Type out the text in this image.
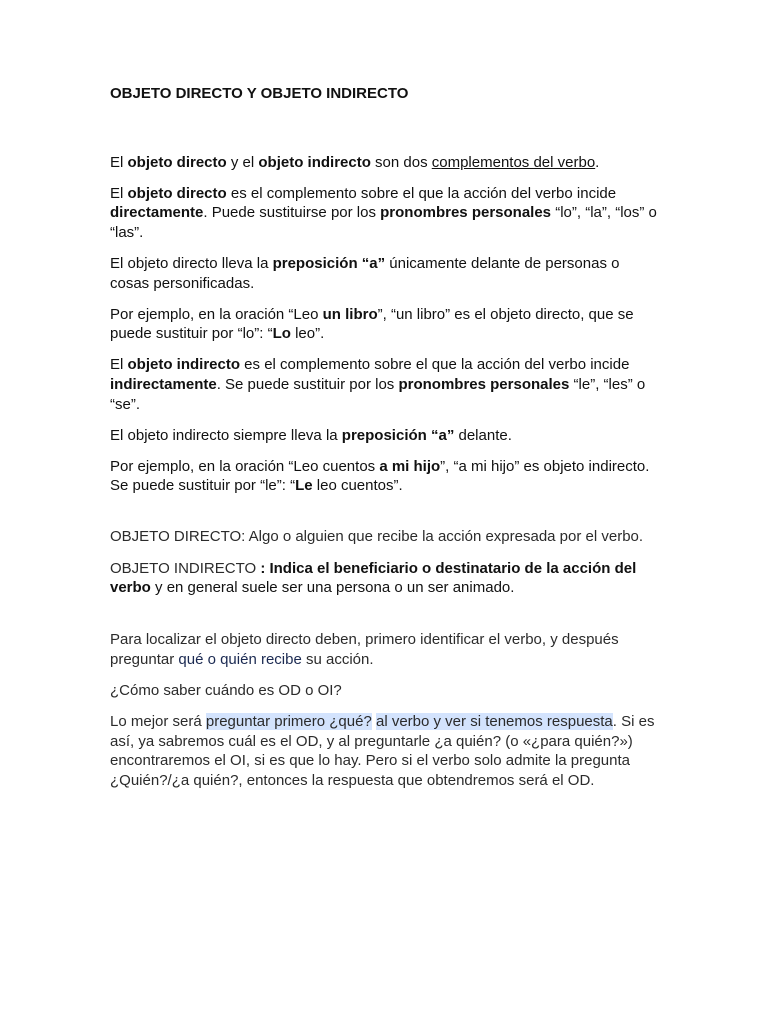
OBJETO DIRECTO Y OBJETO INDIRECTO

El objeto directo y el objeto indirecto son dos complementos del verbo.

El objeto directo es el complemento sobre el que la acción del verbo incide directamente. Puede sustituirse por los pronombres personales “lo”, “la”, “los” o “las”.

El objeto directo lleva la preposición “a” únicamente delante de personas o cosas personificadas.

Por ejemplo, en la oración “Leo un libro”, “un libro” es el objeto directo, que se puede sustituir por “lo”: “Lo leo”.

El objeto indirecto es el complemento sobre el que la acción del verbo incide indirectamente. Se puede sustituir por los pronombres personales “le”, “les” o “se”.

El objeto indirecto siempre lleva la preposición “a” delante.

Por ejemplo, en la oración “Leo cuentos a mi hijo”, “a mi hijo” es objeto indirecto. Se puede sustituir por “le”: “Le leo cuentos”.

OBJETO DIRECTO: Algo o alguien que recibe la acción expresada por el verbo.

OBJETO INDIRECTO : Indica el beneficiario o destinatario de la acción del verbo y en general suele ser una persona o un ser animado.

Para localizar el objeto directo deben, primero identificar el verbo, y después preguntar qué o quién recibe su acción.

¿Cómo saber cuándo es OD o OI?

Lo mejor será preguntar primero ¿qué? al verbo y ver si tenemos respuesta. Si es así, ya sabremos cuál es el OD, y al preguntarle ¿a quién? (o «¿para quién?») encontraremos el OI, si es que lo hay. Pero si el verbo solo admite la pregunta ¿Quién?/¿a quién?, entonces la respuesta que obtendremos será el OD.
